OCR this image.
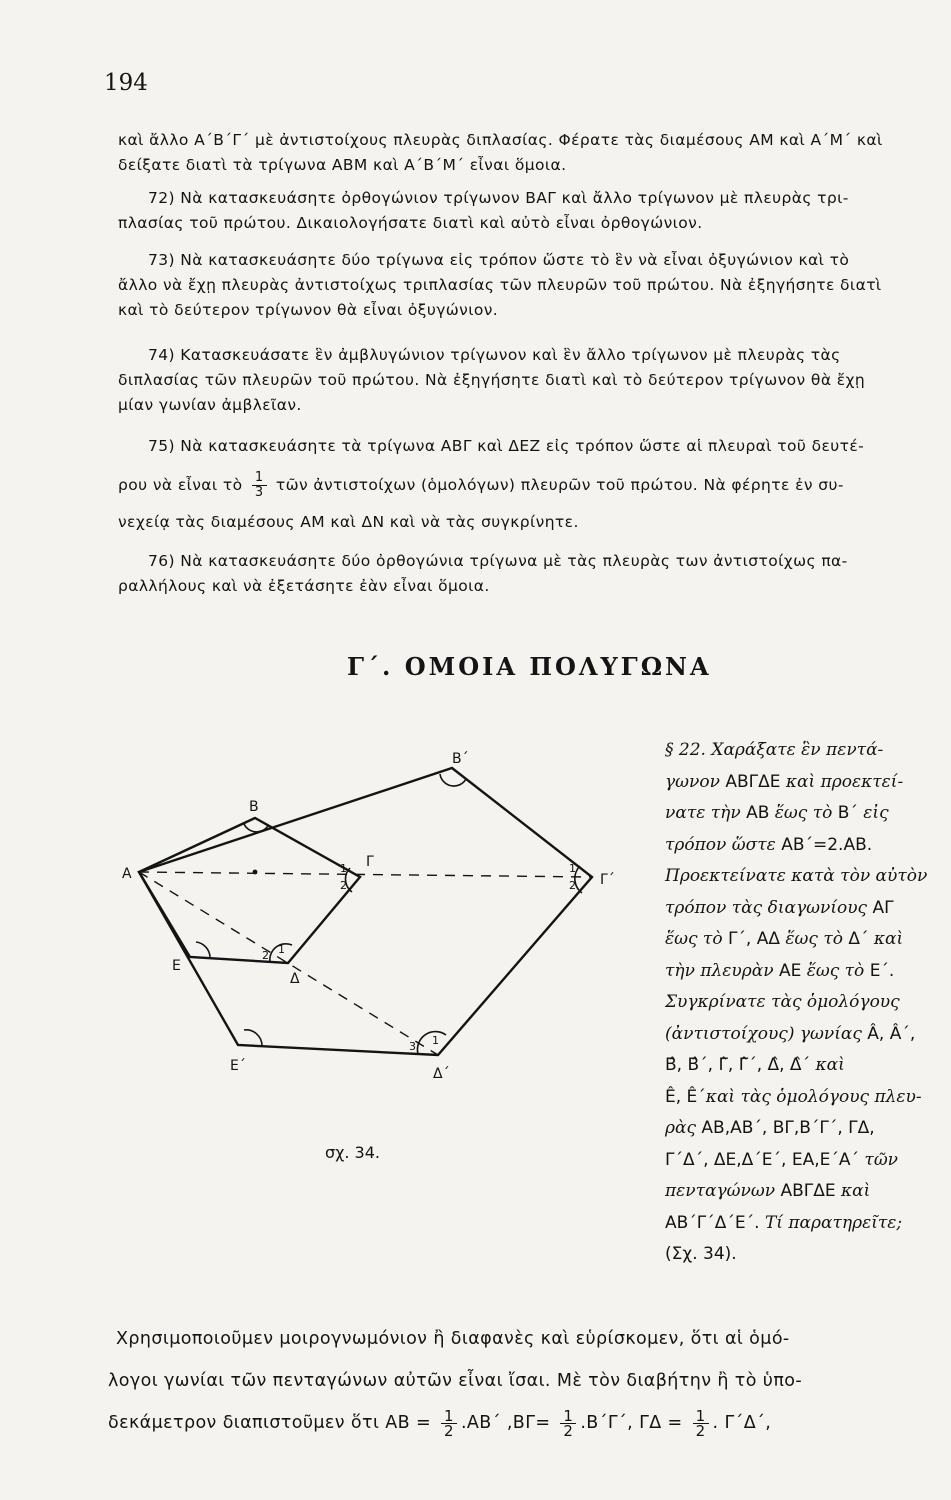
194
καὶ ἄλλο Α΄Β΄Γ΄ μὲ ἀντιστοίχους πλευρὰς διπλασίας. Φέρατε τὰς διαμέσους ΑΜ καὶ Α΄Μ΄ καὶ
δείξατε διατὶ τὰ τρίγωνα ΑΒΜ καὶ Α΄Β΄Μ΄ εἶναι ὅμοια.
72) Νὰ κατασκευάσητε ὀρθογώνιον τρίγωνον ΒΑΓ καὶ ἄλλο τρίγωνον μὲ πλευρὰς τρι-
πλασίας τοῦ πρώτου. Δικαιολογήσατε διατὶ καὶ αὐτὸ εἶναι ὀρθογώνιον.
73) Νὰ κατασκευάσητε δύο τρίγωνα εἰς τρόπον ὥστε τὸ ἓν νὰ εἶναι ὀξυγώνιον καὶ τὸ
ἄλλο νὰ ἔχῃ πλευρὰς ἀντιστοίχως τριπλασίας τῶν πλευρῶν τοῦ πρώτου. Νὰ ἐξηγήσητε διατὶ
καὶ τὸ δεύτερον τρίγωνον θὰ εἶναι ὀξυγώνιον.
74) Κατασκευάσατε ἓν ἀμβλυγώνιον τρίγωνον καὶ ἓν ἄλλο τρίγωνον μὲ πλευρὰς τὰς
διπλασίας τῶν πλευρῶν τοῦ πρώτου. Νὰ ἐξηγήσητε διατὶ καὶ τὸ δεύτερον τρίγωνον θὰ ἔχῃ
μίαν γωνίαν ἀμβλεῖαν.
75) Νὰ κατασκευάσητε τὰ τρίγωνα ΑΒΓ καὶ ΔΕΖ εἰς τρόπον ὥστε αἱ πλευραὶ τοῦ δευτέ-
ρου νὰ εἶναι τὸ $\frac{1}{3}$ τῶν ἀντιστοίχων (ὁμολόγων) πλευρῶν τοῦ πρώτου. Νὰ φέρητε ἐν συ-
νεχείᾳ τὰς διαμέσους ΑΜ καὶ ΔΝ καὶ νὰ τὰς συγκρίνητε.
76) Νὰ κατασκευάσητε δύο ὀρθογώνια τρίγωνα μὲ τὰς πλευρὰς των ἀντιστοίχως πα-
ραλλήλους καὶ νὰ ἐξετάσητε ἐὰν εἶναι ὅμοια.
Γ΄. ΟΜΟΙΑ ΠΟΛΥΓΩΝΑ
Α
Β
Γ
Δ
Ε
Β΄
Γ΄
Δ΄
Ε΄
1
2
1
2
1
2
1
3
σχ. 34.
§ 22. Χαράξατε ἓν πεντά-
γωνον ΑΒΓΔΕ καὶ προεκτεί-
νατε τὴν ΑΒ ἕως τὸ Β΄ εἰς
τρόπον ὥστε ΑΒ΄=2.ΑΒ.
Προεκτείνατε κατὰ τὸν αὐτὸν
τρόπον τὰς διαγωνίους ΑΓ
ἕως τὸ Γ΄, ΑΔ ἕως τὸ Δ΄ καὶ
τὴν πλευρὰν ΑΕ ἕως τὸ Ε΄.
Συγκρίνατε τὰς ὁμολόγους
(ἀντιστοίχους) γωνίας Â, Â΄,
Β̂, Β̂΄, Γ̂, Γ̂΄, Δ̂, Δ̂΄ καὶ
Ê, Ê΄καὶ τὰς ὁμολόγους πλευ-
ρὰς ΑΒ,ΑΒ΄, ΒΓ,Β΄Γ΄, ΓΔ,
Γ΄Δ΄, ΔΕ,Δ΄Ε΄, ΕΑ,Ε΄Α΄ τῶν
πενταγώνων ΑΒΓΔΕ καὶ
ΑΒ΄Γ΄Δ΄Ε΄. Τί παρατηρεῖτε;
(Σχ. 34).
Χρησιμοποιοῦμεν μοιρογνωμόνιον ἢ διαφανὲς καὶ εὑρίσκομεν, ὅτι αἱ ὁμό-
λογοι γωνίαι τῶν πενταγώνων αὐτῶν εἶναι ἴσαι. Μὲ τὸν διαβήτην ἢ τὸ ὑπο-
δεκάμετρον διαπιστοῦμεν ὅτι $AB = \frac{1}{2} .AB΄$ $,B\Gamma= \frac{1}{2} .B΄\Gamma΄$, $\Gamma\Delta = \frac{1}{2}$ . Γ΄Δ΄,
